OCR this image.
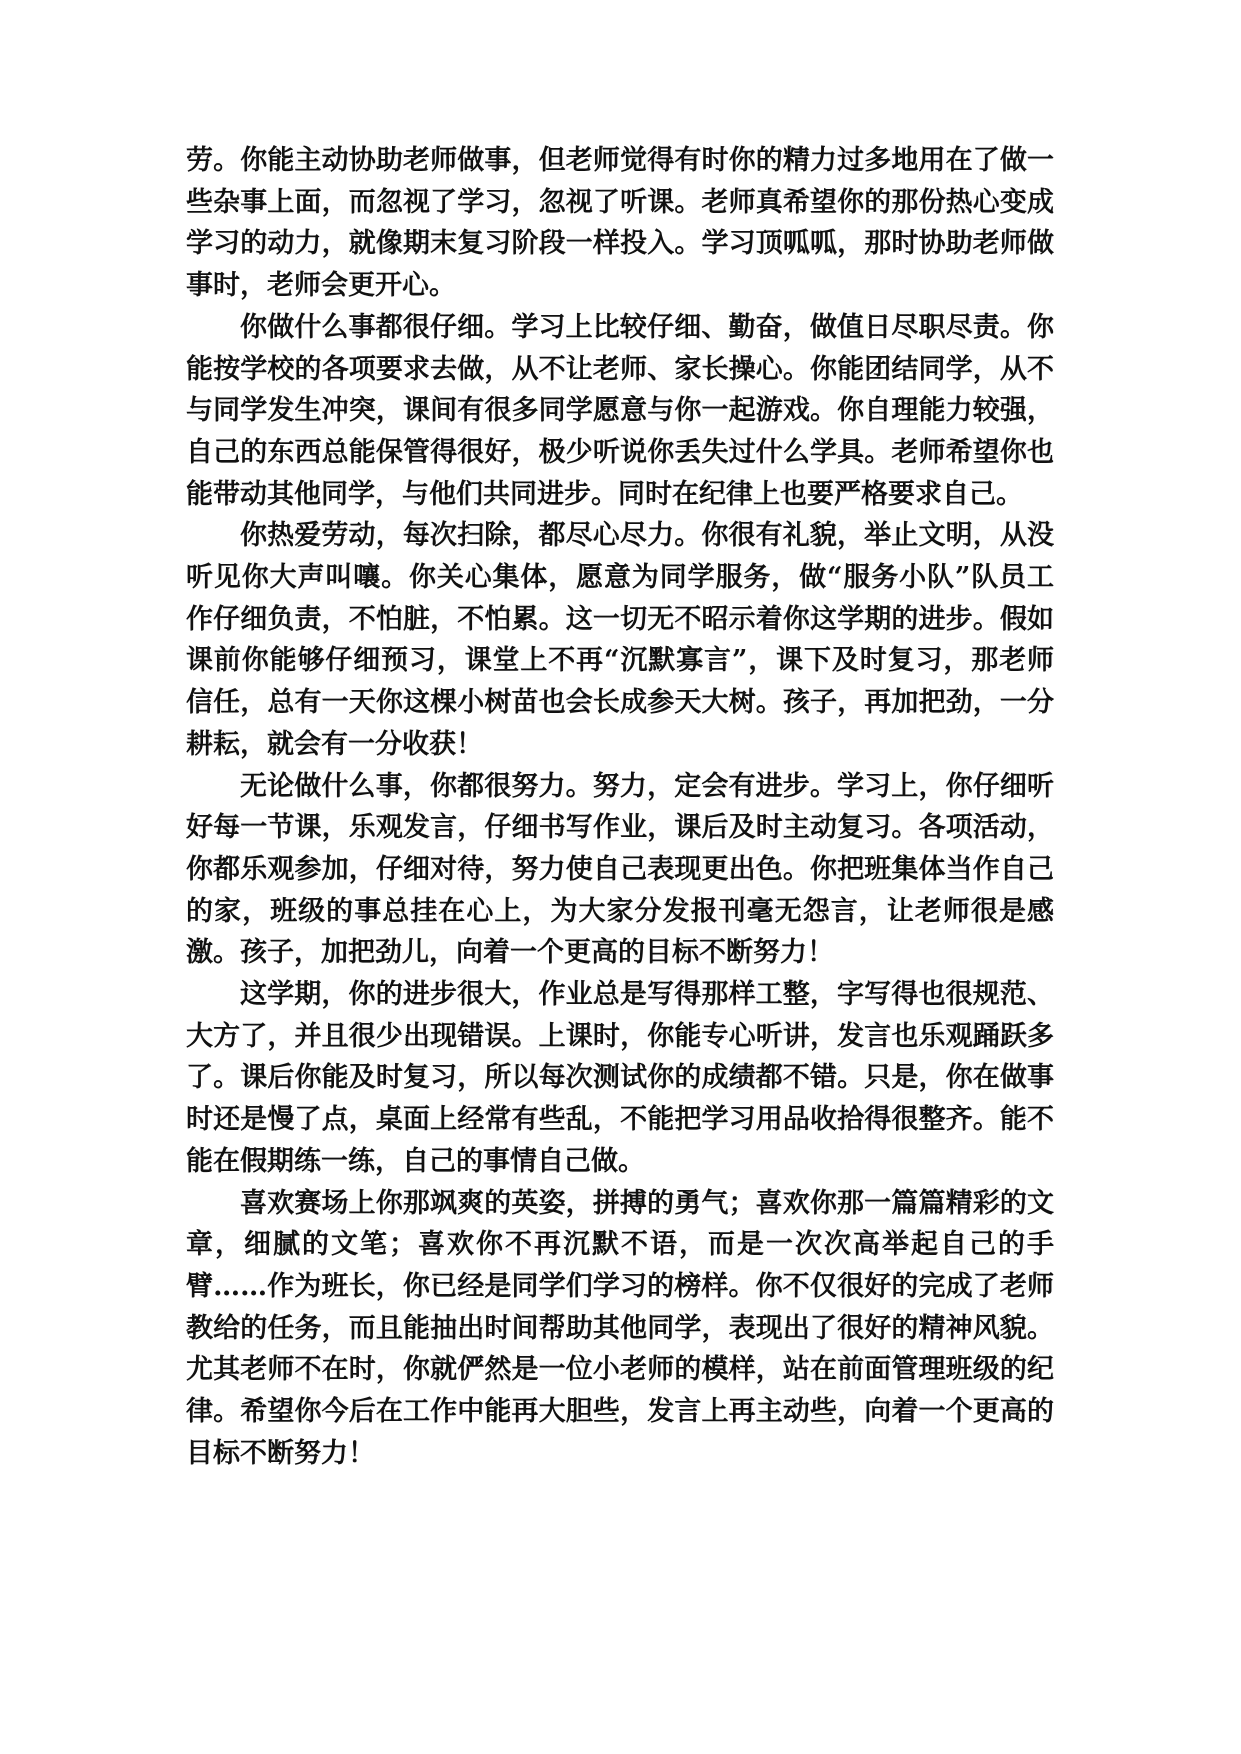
劳。你能主动协助老师做事，但老师觉得有时你的精力过多地用在了做一些杂事上面，而忽视了学习，忽视了听课。老师真希望你的那份热心变成学习的动力，就像期末复习阶段一样投入。学习顶呱呱，那时协助老师做事时，老师会更开心。

你做什么事都很仔细。学习上比较仔细、勤奋，做值日尽职尽责。你能按学校的各项要求去做，从不让老师、家长操心。你能团结同学，从不与同学发生冲突，课间有很多同学愿意与你一起游戏。你自理能力较强，自己的东西总能保管得很好，极少听说你丢失过什么学具。老师希望你也能带动其他同学，与他们共同进步。同时在纪律上也要严格要求自己。

你热爱劳动，每次扫除，都尽心尽力。你很有礼貌，举止文明，从没听见你大声叫嚷。你关心集体，愿意为同学服务，做“服务小队”队员工作仔细负责，不怕脏，不怕累。这一切无不昭示着你这学期的进步。假如课前你能够仔细预习，课堂上不再“沉默寡言”，课下及时复习，那老师信任，总有一天你这棵小树苗也会长成参天大树。孩子，再加把劲，一分耕耘，就会有一分收获！

无论做什么事，你都很努力。努力，定会有进步。学习上，你仔细听好每一节课，乐观发言，仔细书写作业，课后及时主动复习。各项活动，你都乐观参加，仔细对待，努力使自己表现更出色。你把班集体当作自己的家，班级的事总挂在心上，为大家分发报刊毫无怨言，让老师很是感激。孩子，加把劲儿，向着一个更高的目标不断努力！

这学期，你的进步很大，作业总是写得那样工整，字写得也很规范、大方了，并且很少出现错误。上课时，你能专心听讲，发言也乐观踊跃多了。课后你能及时复习，所以每次测试你的成绩都不错。只是，你在做事时还是慢了点，桌面上经常有些乱，不能把学习用品收拾得很整齐。能不能在假期练一练，自己的事情自己做。

喜欢赛场上你那飒爽的英姿，拼搏的勇气；喜欢你那一篇篇精彩的文章，细腻的文笔；喜欢你不再沉默不语，而是一次次高举起自己的手臂……作为班长，你已经是同学们学习的榜样。你不仅很好的完成了老师教给的任务，而且能抽出时间帮助其他同学，表现出了很好的精神风貌。尤其老师不在时，你就俨然是一位小老师的模样，站在前面管理班级的纪律。希望你今后在工作中能再大胆些，发言上再主动些，向着一个更高的目标不断努力！
